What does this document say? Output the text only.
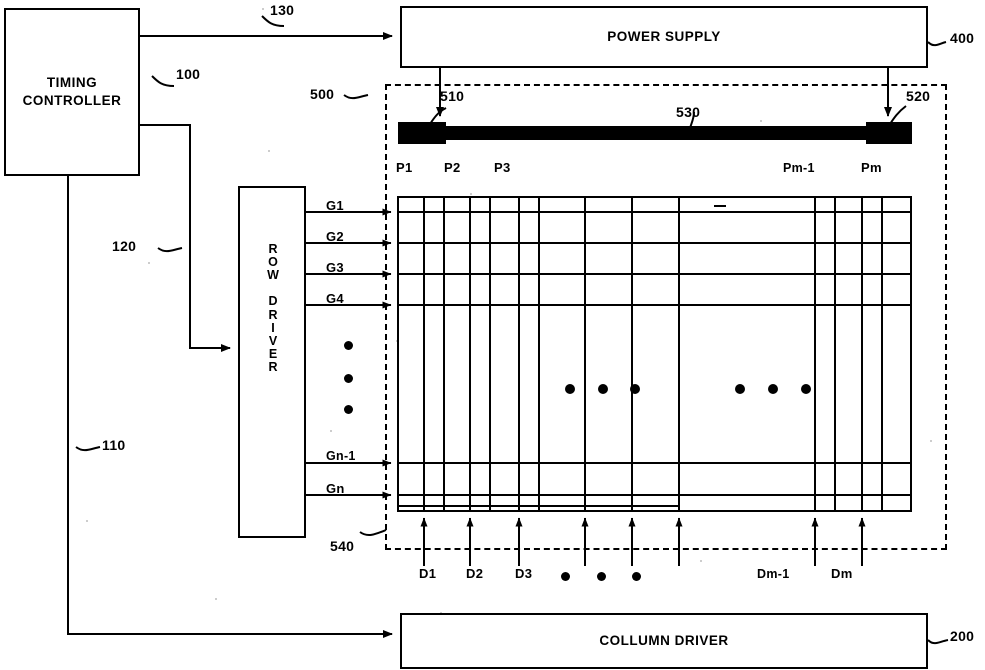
TIMING
CONTROLLER
POWER SUPPLY
COLLUMN DRIVER
R
O
W
D
R
I
V
E
R
130
100
400
500	510	520
530
120
110
540
200
G1
G2
G3
G4
Gn-1
Gn
P1 P2	P3	Pm-1	Pm
D1 D2 D3	Dm-1	Dm
